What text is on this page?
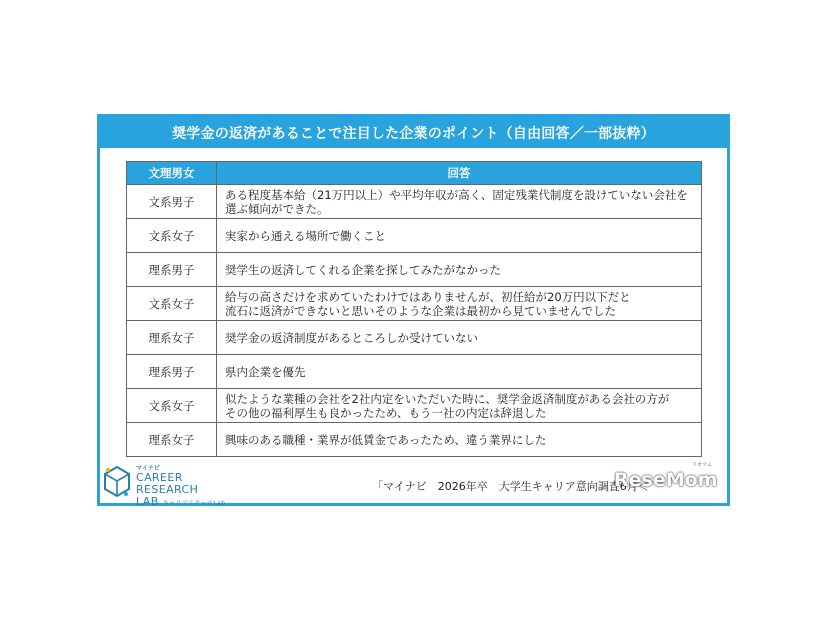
奨学金の返済があることで注目した企業のポイント（自由回答／一部抜粋）
文理男女	回答
文系男子	ある程度基本給（21万円以上）や平均年収が高く、固定残業代制度を設けていない会社を
選ぶ傾向ができた。

文系女子	実家から通える場所で働くこと

理系男子	奨学生の返済してくれる企業を探してみたがなかった

文系女子	給与の高さだけを求めていたわけではありませんが、初任給が20万円以下だと
流石に返済ができないと思いそのような企業は最初から見ていませんでした

理系女子	奨学金の返済制度があるところしか受けていない

理系男子	県内企業を優先

文系女子	似たような業種の会社を2社内定をいただいた時に、奨学金返済制度がある会社の方が
その他の福利厚生も良かったため、もう一社の内定は辞退した

理系女子	興味のある職種・業界が低賃金であったため、違う業界にした
マイナビ
CAREER RESEARCH
LAB キャリアリサーチLab
「マイナビ　2026年卒　大学生キャリア意向調査6月＜
リセマム
ReseMom
